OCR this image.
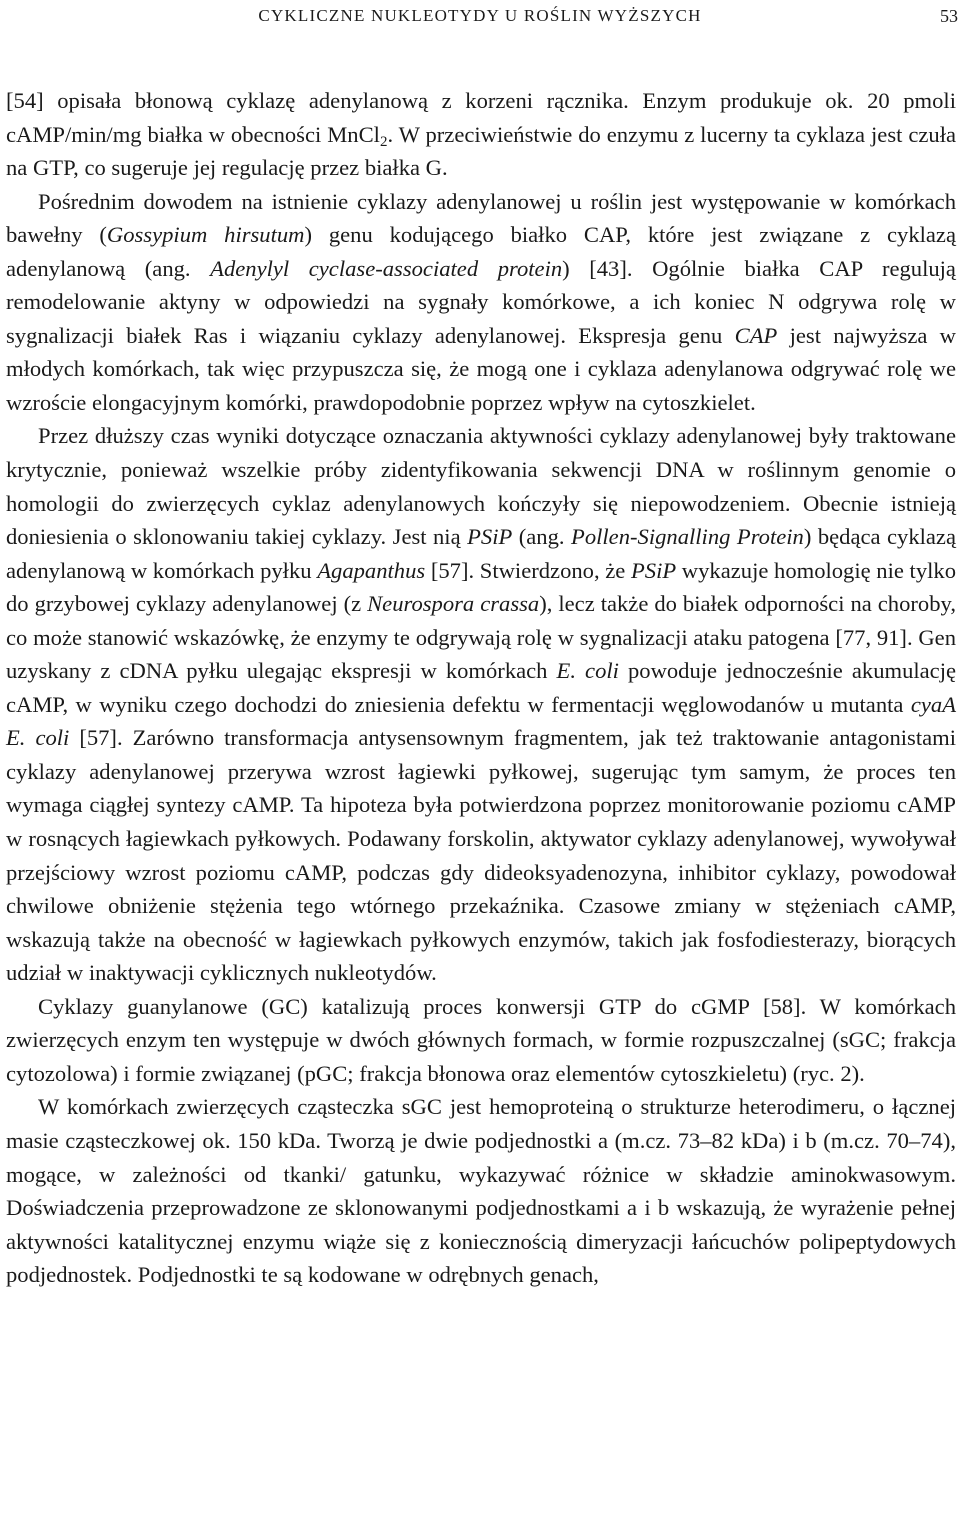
CYKLICZNE NUKLEOTYDY U ROŚLIN WYŻSZYCH	53

[54] opisała błonową cyklazę adenylanową z korzeni rącznika. Enzym produkuje ok. 20 pmoli cAMP/min/mg białka w obecności MnCl$_2$. W przeciwieństwie do enzymu z lucerny ta cyklaza jest czuła na GTP, co sugeruje jej regulację przez białka G.

Pośrednim dowodem na istnienie cyklazy adenylanowej u roślin jest występowanie w komórkach bawełny (Gossypium hirsutum) genu kodującego białko CAP, które jest związane z cyklazą adenylanową (ang. Adenylyl cyclase-associated protein) [43]. Ogólnie białka CAP regulują remodelowanie aktyny w odpowiedzi na sygnały komórkowe, a ich koniec N odgrywa rolę w sygnalizacji białek Ras i wiązaniu cyklazy adenylanowej. Ekspresja genu CAP jest najwyższa w młodych komórkach, tak więc przypuszcza się, że mogą one i cyklaza adenylanowa odgrywać rolę we wzroście elongacyjnym komórki, prawdopodobnie poprzez wpływ na cytoszkielet.

Przez dłuższy czas wyniki dotyczące oznaczania aktywności cyklazy adenylanowej były traktowane krytycznie, ponieważ wszelkie próby zidentyfikowania sekwencji DNA w roślinnym genomie o homologii do zwierzęcych cyklaz adenylanowych kończyły się niepowodzeniem. Obecnie istnieją doniesienia o sklonowaniu takiej cyklazy. Jest nią PSiP (ang. Pollen-Signalling Protein) będąca cyklazą adenylanową w komórkach pyłku Agapanthus [57]. Stwierdzono, że PSiP wykazuje homologię nie tylko do grzybowej cyklazy adenylanowej (z Neurospora crassa), lecz także do białek odporności na choroby, co może stanowić wskazówkę, że enzymy te odgrywają rolę w sygnalizacji ataku patogena [77, 91]. Gen uzyskany z cDNA pyłku ulegając ekspresji w komórkach E. coli powoduje jednocześnie akumulację cAMP, w wyniku czego dochodzi do zniesienia defektu w fermentacji węglowodanów u mutanta cyaA E. coli [57]. Zarówno transformacja antysensownym fragmentem, jak też traktowanie antagonistami cyklazy adenylanowej przerywa wzrost łagiewki pyłkowej, sugerując tym samym, że proces ten wymaga ciągłej syntezy cAMP. Ta hipoteza była potwierdzona poprzez monitorowanie poziomu cAMP w rosnących łagiewkach pyłkowych. Podawany forskolin, aktywator cyklazy adenylanowej, wywoływał przejściowy wzrost poziomu cAMP, podczas gdy dideoksyadenozyna, inhibitor cyklazy, powodował chwilowe obniżenie stężenia tego wtórnego przekaźnika. Czasowe zmiany w stężeniach cAMP, wskazują także na obecność w łagiewkach pyłkowych enzymów, takich jak fosfodiesterazy, biorących udział w inaktywacji cyklicznych nukleotydów.

Cyklazy guanylanowe (GC) katalizują proces konwersji GTP do cGMP [58]. W komórkach zwierzęcych enzym ten występuje w dwóch głównych formach, w formie rozpuszczalnej (sGC; frakcja cytozolowa) i formie związanej (pGC; frakcja błonowa oraz elementów cytoszkieletu) (ryc. 2).

W komórkach zwierzęcych cząsteczka sGC jest hemoproteiną o strukturze heterodimeru, o łącznej masie cząsteczkowej ok. 150 kDa. Tworzą je dwie podjednostki a (m.cz. 73–82 kDa) i b (m.cz. 70–74), mogące, w zależności od tkanki/ gatunku, wykazywać różnice w składzie aminokwasowym. Doświadczenia przeprowadzone ze sklonowanymi podjednostkami a i b wskazują, że wyrażenie pełnej aktywności katalitycznej enzymu wiąże się z koniecznością dimeryzacji łańcuchów polipeptydowych podjednostek. Podjednostki te są kodowane w odrębnych genach,
